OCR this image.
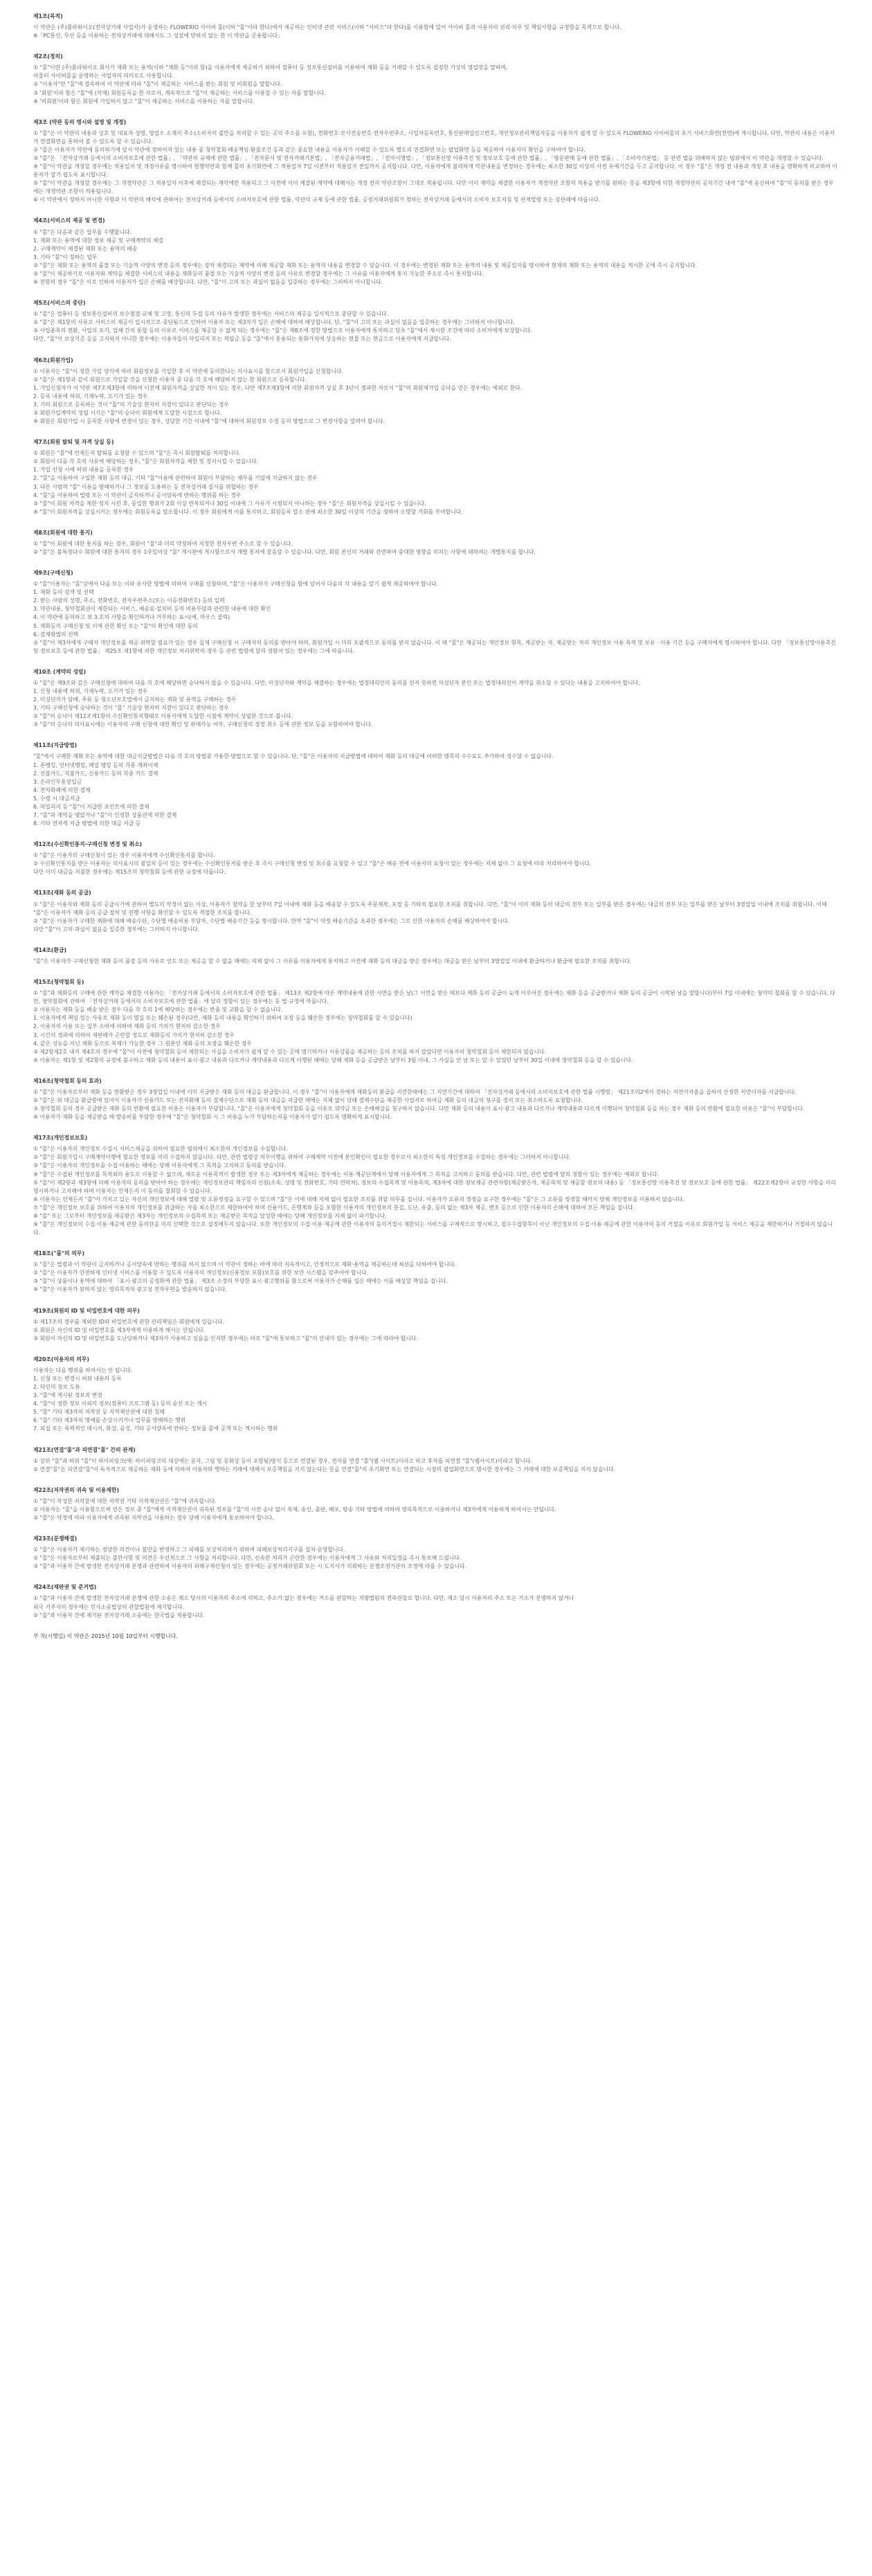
제1조(목적)

이 약관은 (주)플라워이오(전자상거래 사업자)가 운영하는 FLOWERIO 사이버 몰(이하 "몰"이라 한다)에서 제공하는 인터넷 관련 서비스(이하 "서비스"라 한다)를 이용함에 있어 사이버 몰과 이용자의 권리·의무 및 책임사항을 규정함을 목적으로 합니다.

※「PC통신, 무선 등을 이용하는 전자상거래에 대해서도 그 성질에 반하지 않는 한 이 약관을 준용합니다」

제2조(정의)

① "몰"이란 (주)플라워이오 회사가 재화 또는 용역(이하 "재화 등"이라 함)을 이용자에게 제공하기 위하여 컴퓨터 등 정보통신설비를 이용하여 재화 등을 거래할 수 있도록 설정한 가상의 영업장을 말하며,

아울러 사이버몰을 운영하는 사업자의 의미로도 사용합니다.

② "이용자"란 "몰"에 접속하여 이 약관에 따라 "몰"이 제공하는 서비스를 받는 회원 및 비회원을 말합니다.

③ '회원'이라 함은 "몰"에 (삭제) 회원등록을 한 자로서, 계속적으로 "몰"이 제공하는 서비스를 이용할 수 있는 자를 말합니다.

④ '비회원'이라 함은 회원에 가입하지 않고 "몰"이 제공하는 서비스를 이용하는 자를 말합니다.

제3조 (약관 등의 명시와 설명 및 개정)

① "몰"은 이 약관의 내용과 상호 및 대표자 성명, 영업소 소재지 주소(소비자의 불만을 처리할 수 있는 곳의 주소를 포함), 전화번호·모사전송번호·전자우편주소, 사업자등록번호, 통신판매업신고번호, 개인정보관리책임자등을 이용자가 쉽게 알 수 있도록 FLOWERIO 사이버몰의 초기 서비스화면(전면)에 게시합니다. 다만, 약관의 내용은 이용자가 연결화면을 통하여 볼 수 있도록 할 수 있습니다.

② "몰은 이용자가 약관에 동의하기에 앞서 약관에 정하여져 있는 내용 중 청약철회·배송책임·환불조건 등과 같은 중요한 내용을 이용자가 이해할 수 있도록 별도의 연결화면 또는 팝업화면 등을 제공하여 이용자의 확인을 구하여야 합니다.

③ "몰"은 「전자상거래 등에서의 소비자보호에 관한 법률」, 「약관의 규제에 관한 법률」, 「전자문서 및 전자거래기본법」, 「전자금융거래법」, 「전자서명법」, 「정보통신망 이용촉진 및 정보보호 등에 관한 법률」, 「방문판매 등에 관한 법률」, 「소비자기본법」 등 관련 법을 위배하지 않는 범위에서 이 약관을 개정할 수 있습니다.

④ "몰"이 약관을 개정할 경우에는 적용일자 및 개정사유를 명시하여 현행약관과 함께 몰의 초기화면에 그 적용일자 7일 이전부터 적용일자 전일까지 공지합니다. 다만, 이용자에게 불리하게 약관내용을 변경하는 경우에는 최소한 30일 이상의 사전 유예기간을 두고 공지합니다. 이 경우 "몰"은 개정 전 내용과 개정 후 내용을 명확하게 비교하여 이용자가 알기 쉽도록 표시합니다.

⑤ "몰"이 약관을 개정할 경우에는 그 개정약관은 그 적용일자 이후에 체결되는 계약에만 적용되고 그 이전에 이미 체결된 계약에 대해서는 개정 전의 약관조항이 그대로 적용됩니다. 다만 이미 계약을 체결한 이용자가 개정약관 조항의 적용을 받기를 원하는 뜻을 제3항에 의한 개정약관의 공지기간 내에 "몰"에 송신하여 "몰"의 동의를 받은 경우에는 개정약관 조항이 적용됩니다.

⑥ 이 약관에서 정하지 아니한 사항과 이 약관의 해석에 관하여는 전자상거래 등에서의 소비자보호에 관한 법률, 약관의 규제 등에 관한 법률, 공정거래위원회가 정하는 전자상거래 등에서의 소비자 보호지침 및 관계법령 또는 상관례에 따릅니다.

제4조(서비스의 제공 및 변경)

① "몰"은 다음과 같은 업무를 수행합니다.

1. 재화 또는 용역에 대한 정보 제공 및 구매계약의 체결

2. 구매계약이 체결된 재화 또는 용역의 배송

3. 기타 "몰"이 정하는 업무

② "몰"은 재화 또는 용역의 품절 또는 기술적 사양의 변경 등의 경우에는 장차 체결되는 계약에 의해 제공할 재화 또는 용역의 내용을 변경할 수 있습니다. 이 경우에는 변경된 재화 또는 용역의 내용 및 제공일자를 명시하여 현재의 재화 또는 용역의 내용을 게시한 곳에 즉시 공지합니다.

③ "몰"이 제공하기로 이용자와 계약을 체결한 서비스의 내용을 재화등의 품절 또는 기술적 사양의 변경 등의 사유로 변경할 경우에는 그 사유를 이용자에게 통지 가능한 주소로 즉시 통지합니다.

④ 전항의 경우 "몰"은 이로 인하여 이용자가 입은 손해를 배상합니다. 다만, "몰"이 고의 또는 과실이 없음을 입증하는 경우에는 그러하지 아니합니다.

제5조(서비스의 중단)

① "몰"은 컴퓨터 등 정보통신설비의 보수점검·교체 및 고장, 통신의 두절 등의 사유가 발생한 경우에는 서비스의 제공을 일시적으로 중단할 수 있습니다.

② "몰"은 제1항의 사유로 서비스의 제공이 일시적으로 중단됨으로 인하여 이용자 또는 제3자가 입은 손해에 대하여 배상합니다. 단, "몰"이 고의 또는 과실이 없음을 입증하는 경우에는 그러하지 아니합니다.

③ 사업종목의 전환, 사업의 포기, 업체 간의 통합 등의 이유로 서비스를 제공할 수 없게 되는 경우에는 "몰"은 제8조에 정한 방법으로 이용자에게 통지하고 당초 "몰"에서 제시한 조건에 따라 소비자에게 보상합니다.

다만, "몰"이 보상기준 등을 고지하지 아니한 경우에는 이용자들의 마일리지 또는 적립금 등을 "몰"에서 통용되는 통화가치에 상응하는 현물 또는 현금으로 이용자에게 지급합니다.

제6조(회원가입)

① 이용자는 "몰"이 정한 가입 양식에 따라 회원정보를 기입한 후 이 약관에 동의한다는 의사표시를 함으로서 회원가입을 신청합니다.

② "몰"은 제1항과 같이 회원으로 가입할 것을 신청한 이용자 중 다음 각 호에 해당하지 않는 한 회원으로 등록합니다.

1. 가입신청자가 이 약관 제7조제3항에 의하여 이전에 회원자격을 상실한 적이 있는 경우, 다만 제7조제3항에 의한 회원자격 상실 후 3년이 경과한 자로서 "몰"의 회원재가입 승낙을 얻은 경우에는 예외로 한다.

2. 등록 내용에 허위, 기재누락, 오기가 있는 경우

3. 기타 회원으로 등록하는 것이 "몰"의 기술상 현저히 지장이 있다고 판단되는 경우

③ 회원가입계약의 성립 시기는 "몰"의 승낙이 회원에게 도달한 시점으로 합니다.

④ 회원은 회원가입 시 등록한 사항에 변경이 있는 경우, 상당한 기간 이내에 "몰"에 대하여 회원정보 수정 등의 방법으로 그 변경사항을 알려야 합니다.

제7조(회원 탈퇴 및 자격 상실 등)

① 회원은 "몰"에 언제든지 탈퇴를 요청할 수 있으며 "몰"은 즉시 회원탈퇴를 처리합니다.

② 회원이 다음 각 호의 사유에 해당하는 경우, "몰"은 회원자격을 제한 및 정지시킬 수 있습니다.

1. 가입 신청 시에 허위 내용을 등록한 경우

2. "몰"을 이용하여 구입한 재화 등의 대금, 기타 "몰"이용에 관련하여 회원이 부담하는 채무를 기일에 지급하지 않는 경우

3. 다른 사람의 "몰" 이용을 방해하거나 그 정보를 도용하는 등 전자상거래 질서를 위협하는 경우

4. "몰"을 이용하여 법령 또는 이 약관이 금지하거나 공서양속에 반하는 행위를 하는 경우

③ "몰"이 회원 자격을 제한·정지 시킨 후, 동일한 행위가 2회 이상 반복되거나 30일 이내에 그 사유가 시정되지 아니하는 경우 "몰"은 회원자격을 상실시킬 수 있습니다.

④ "몰"이 회원자격을 상실시키는 경우에는 회원등록을 말소합니다. 이 경우 회원에게 이를 통지하고, 회원등록 말소 전에 최소한 30일 이상의 기간을 정하여 소명할 기회를 부여합니다.

제8조(회원에 대한 통지)

① "몰"이 회원에 대한 통지를 하는 경우, 회원이 "몰"과 미리 약정하여 지정한 전자우편 주소로 할 수 있습니다.

② "몰"은 불특정다수 회원에 대한 통지의 경우 1주일이상 "몰" 게시판에 게시함으로서 개별 통지에 갈음할 수 있습니다. 다만, 회원 본인의 거래와 관련하여 중대한 영향을 미치는 사항에 대하여는 개별통지를 합니다.

제9조(구매신청)

① "몰"이용자는 "몰"상에서 다음 또는 이와 유사한 방법에 의하여 구매를 신청하며, "몰"은 이용자가 구매신청을 함에 있어서 다음의 각 내용을 알기 쉽게 제공하여야 합니다.

1. 재화 등의 검색 및 선택

2. 받는 사람의 성명, 주소, 전화번호, 전자우편주소(또는 이동전화번호) 등의 입력

3. 약관내용, 청약철회권이 제한되는 서비스, 배송료·설치비 등의 비용부담과 관련한 내용에 대한 확인

4. 이 약관에 동의하고 위 3.호의 사항을 확인하거나 거부하는 표시(예, 마우스 클릭)

5. 재화등의 구매신청 및 이에 관한 확인 또는 "몰"의 확인에 대한 동의

6. 결제방법의 선택

② "몰"이 제3자에게 구매자 개인정보를 제공·위탁할 필요가 있는 경우 실제 구매신청 시 구매자의 동의를 받아야 하며, 회원가입 시 미리 포괄적으로 동의를 받지 않습니다. 이 때 "몰"은 제공되는 개인정보 항목, 제공받는 자, 제공받는 자의 개인정보 이용 목적 및 보유 · 이용 기간 등을 구매자에게 명시하여야 합니다. 다만 「정보통신망이용촉진 및 정보보호 등에 관한 법률」 제25조 제1항에 의한 개인정보 처리위탁의 경우 등 관련 법령에 달리 정함이 있는 경우에는 그에 따릅니다.

제10조 (계약의 성립)

① "몰"은 제9조와 같은 구매신청에 대하여 다음 각 호에 해당하면 승낙하지 않을 수 있습니다. 다만, 미성년자와 계약을 체결하는 경우에는 법정대리인의 동의를 얻지 못하면 미성년자 본인 또는 법정대리인이 계약을 취소할 수 있다는 내용을 고지하여야 합니다.

1. 신청 내용에 허위, 기재누락, 오기가 있는 경우

2. 미성년자가 담배, 주류 등 청소년보호법에서 금지하는 재화 및 용역을 구매하는 경우

3. 기타 구매신청에 승낙하는 것이 "몰" 기술상 현저히 지장이 있다고 판단하는 경우

② "몰"의 승낙이 제12조제1항의 수신확인통지형태로 이용자에게 도달한 시점에 계약이 성립한 것으로 봅니다.

③ "몰"의 승낙의 의사표시에는 이용자의 구매 신청에 대한 확인 및 판매가능 여부, 구매신청의 정정 취소 등에 관한 정보 등을 포함하여야 합니다.

제11조(지급방법)

"몰"에서 구매한 재화 또는 용역에 대한 대금지급방법은 다음 각 호의 방법중 가용한 방법으로 할 수 있습니다. 단, "몰"은 이용자의 지급방법에 대하여 재화 등의 대금에 어떠한 명목의 수수료도 추가하여 징수할 수 없습니다.

1. 폰뱅킹, 인터넷뱅킹, 메일 뱅킹 등의 각종 계좌이체

2. 선불카드, 직불카드, 신용카드 등의 각종 카드 결제

3. 온라인무통장입금

4. 전자화폐에 의한 결제

5. 수령 시 대금지급

6. 마일리지 등 "몰"이 지급한 포인트에 의한 결제

7. "몰"과 계약을 맺었거나 "몰"이 인정한 상품권에 의한 결제

8. 기타 전자적 지급 방법에 의한 대금 지급 등

제12조(수신확인통지·구매신청 변경 및 취소)

① "몰"은 이용자의 구매신청이 있는 경우 이용자에게 수신확인통지를 합니다.

② 수신확인통지를 받은 이용자는 의사표시의 불일치 등이 있는 경우에는 수신확인통지를 받은 후 즉시 구매신청 변경 및 취소를 요청할 수 있고 "몰"은 배송 전에 이용자의 요청이 있는 경우에는 지체 없이 그 요청에 따라 처리하여야 합니다.

다만 이미 대금을 지불한 경우에는 제15조의 청약철회 등에 관한 규정에 따릅니다.

제13조(재화 등의 공급)

① "몰"은 이용자와 재화 등의 공급시기에 관하여 별도의 약정이 없는 이상, 이용자가 청약을 한 날부터 7일 이내에 재화 등을 배송할 수 있도록 주문제작, 포장 등 기타의 필요한 조치를 취합니다. 다만, "몰"이 이미 재화 등의 대금의 전부 또는 일부를 받은 경우에는 대금의 전부 또는 일부를 받은 날부터 3영업일 이내에 조치를 취합니다. 이때 "몰"은 이용자가 재화 등의 공급 절차 및 진행 사항을 확인할 수 있도록 적절한 조치를 합니다.

② "몰"은 이용자가 구매한 재화에 대해 배송수단, 수단별 배송비용 부담자, 수단별 배송기간 등을 명시합니다. 만약 "몰"이 약정 배송기간을 초과한 경우에는 그로 인한 이용자의 손해를 배상하여야 합니다.

다만 "몰"이 고의·과실이 없음을 입증한 경우에는 그러하지 아니합니다.

제14조(환급)

"몰"은 이용자가 구매신청한 재화 등이 품절 등의 사유로 인도 또는 제공을 할 수 없을 때에는 지체 없이 그 사유를 이용자에게 통지하고 사전에 재화 등의 대금을 받은 경우에는 대금을 받은 날부터 3영업일 이내에 환급하거나 환급에 필요한 조치를 취합니다.

제15조(청약철회 등)

① "몰"과 재화등의 구매에 관한 계약을 체결한 이용자는 「전자상거래 등에서의 소비자보호에 관한 법률」 제13조 제2항에 따른 계약내용에 관한 서면을 받은 날(그 서면을 받은 때보다 재화 등의 공급이 늦게 이루어진 경우에는 재화 등을 공급받거나 재화 등의 공급이 시작된 날을 말합니다)부터 7일 이내에는 청약의 철회를 할 수 있습니다. 다만, 청약철회에 관하여 「전자상거래 등에서의 소비자보호에 관한 법률」에 달리 정함이 있는 경우에는 동 법 규정에 따릅니다.

② 이용자는 재화 등을 배송 받은 경우 다음 각 호의 1에 해당하는 경우에는 반품 및 교환을 할 수 없습니다.

1. 이용자에게 책임 있는 사유로 재화 등이 멸실 또는 훼손된 경우(다만, 재화 등의 내용을 확인하기 위하여 포장 등을 훼손한 경우에는 청약철회를 할 수 있습니다)

2. 이용자의 사용 또는 일부 소비에 의하여 재화 등의 가치가 현저히 감소한 경우

3. 시간의 경과에 의하여 재판매가 곤란할 정도로 재화등의 가치가 현저히 감소한 경우

4. 같은 성능을 지닌 재화 등으로 복제가 가능한 경우 그 원본인 재화 등의 포장을 훼손한 경우

③ 제2항제2호 내지 제4호의 경우에 "몰"이 사전에 청약철회 등이 제한되는 사실을 소비자가 쉽게 알 수 있는 곳에 명기하거나 시용상품을 제공하는 등의 조치를 하지 않았다면 이용자의 청약철회 등이 제한되지 않습니다.

④ 이용자는 제1항 및 제2항의 규정에 불구하고 재화 등의 내용이 표시·광고 내용과 다르거나 계약내용과 다르게 이행된 때에는 당해 재화 등을 공급받은 날부터 3월 이내, 그 사실을 안 날 또는 알 수 있었던 날부터 30일 이내에 청약철회 등을 할 수 있습니다.

제16조(청약철회 등의 효과)

① "몰"은 이용자로부터 재화 등을 반환받은 경우 3영업일 이내에 이미 지급받은 재화 등의 대금을 환급합니다. 이 경우 "몰"이 이용자에게 재화등의 환급을 지연한때에는 그 지연기간에 대하여 「전자상거래 등에서의 소비자보호에 관한 법률 시행령」 제21조의2에서 정하는 지연이자율을 곱하여 산정한 지연이자를 지급합니다.

② "몰"은 위 대금을 환급함에 있어서 이용자가 신용카드 또는 전자화폐 등의 결제수단으로 재화 등의 대금을 지급한 때에는 지체 없이 당해 결제수단을 제공한 사업자로 하여금 재화 등의 대금의 청구를 정지 또는 취소하도록 요청합니다.

③ 청약철회 등의 경우 공급받은 재화 등의 반환에 필요한 비용은 이용자가 부담합니다. "몰"은 이용자에게 청약철회 등을 이유로 위약금 또는 손해배상을 청구하지 않습니다. 다만 재화 등의 내용이 표시·광고 내용과 다르거나 계약내용과 다르게 이행되어 청약철회 등을 하는 경우 재화 등의 반환에 필요한 비용은 "몰"이 부담합니다.

④ 이용자가 재화 등을 제공받을 때 발송비를 부담한 경우에 "몰"은 청약철회 시 그 비용을 누가 부담하는지를 이용자가 알기 쉽도록 명확하게 표시합니다.

제17조(개인정보보호)

① "몰"은 이용자의 개인정보 수집시 서비스제공을 위하여 필요한 범위에서 최소한의 개인정보를 수집합니다.

② "몰"은 회원가입시 구매계약이행에 필요한 정보를 미리 수집하지 않습니다. 다만, 관련 법령상 의무이행을 위하여 구매계약 이전에 본인확인이 필요한 경우로서 최소한의 특정 개인정보를 수집하는 경우에는 그러하지 아니합니다.

③ "몰"은 이용자의 개인정보를 수집·이용하는 때에는 당해 이용자에게 그 목적을 고지하고 동의를 받습니다.

④ "몰"은 수집된 개인정보를 목적외의 용도로 이용할 수 없으며, 새로운 이용목적이 발생한 경우 또는 제3자에게 제공하는 경우에는 이용·제공단계에서 당해 이용자에게 그 목적을 고지하고 동의를 받습니다. 다만, 관련 법령에 달리 정함이 있는 경우에는 예외로 합니다.

⑤ "몰"이 제2항과 제3항에 의해 이용자의 동의를 받아야 하는 경우에는 개인정보관리 책임자의 신원(소속, 성명 및 전화번호, 기타 연락처), 정보의 수집목적 및 이용목적, 제3자에 대한 정보제공 관련사항(제공받은자, 제공목적 및 제공할 정보의 내용) 등 「정보통신망 이용촉진 및 정보보호 등에 관한 법률」 제22조제2항이 규정한 사항을 미리 명시하거나 고지해야 하며 이용자는 언제든지 이 동의를 철회할 수 있습니다.

⑥ 이용자는 언제든지 "몰"이 가지고 있는 자신의 개인정보에 대해 열람 및 오류정정을 요구할 수 있으며 "몰"은 이에 대해 지체 없이 필요한 조치를 취할 의무를 집니다. 이용자가 오류의 정정을 요구한 경우에는 "몰"은 그 오류를 정정할 때까지 당해 개인정보를 이용하지 않습니다.

⑦ "몰"은 개인정보 보호를 위하여 이용자의 개인정보를 취급하는 자를 최소한으로 제한하여야 하며 신용카드, 은행계좌 등을 포함한 이용자의 개인정보의 분실, 도난, 유출, 동의 없는 제3자 제공, 변조 등으로 인한 이용자의 손해에 대하여 모든 책임을 집니다.

⑧ "몰" 또는 그로부터 개인정보를 제공받은 제3자는 개인정보의 수집목적 또는 제공받은 목적을 달성한 때에는 당해 개인정보를 지체 없이 파기합니다.

⑨ "몰"은 개인정보의 수집·이용·제공에 관한 동의란을 미리 선택한 것으로 설정해두지 않습니다. 또한 개인정보의 수집·이용·제공에 관한 이용자의 동의거절시 제한되는 서비스를 구체적으로 명시하고, 필수수집항목이 아닌 개인정보의 수집·이용·제공에 관한 이용자의 동의 거절을 이유로 회원가입 등 서비스 제공을 제한하거나 거절하지 않습니다.

제18조("몰"의 의무)

① "몰"은 법령과 이 약관이 금지하거나 공서양속에 반하는 행위를 하지 않으며 이 약관이 정하는 바에 따라 지속적이고, 안정적으로 재화·용역을 제공하는데 최선을 다하여야 합니다.

② "몰"은 이용자가 안전하게 인터넷 서비스를 이용할 수 있도록 이용자의 개인정보(신용정보 포함)보호를 위한 보안 시스템을 갖추어야 합니다.

③ "몰"이 상품이나 용역에 대하여 「표시·광고의 공정화에 관한 법률」 제3조 소정의 부당한 표시·광고행위를 함으로써 이용자가 손해를 입은 때에는 이를 배상할 책임을 집니다.

④ "몰"은 이용자가 원하지 않는 영리목적의 광고성 전자우편을 발송하지 않습니다.

제19조(회원의 ID 및 비밀번호에 대한 의무)

① 제17조의 경우를 제외한 ID와 비밀번호에 관한 관리책임은 회원에게 있습니다.

② 회원은 자신의 ID 및 비밀번호를 제3자에게 이용하게 해서는 안됩니다.

③ 회원이 자신의 ID 및 비밀번호를 도난당하거나 제3자가 사용하고 있음을 인지한 경우에는 바로 "몰"에 통보하고 "몰"의 안내가 있는 경우에는 그에 따라야 합니다.

제20조(이용자의 의무)

이용자는 다음 행위를 하여서는 안 됩니다.

1. 신청 또는 변경시 허위 내용의 등록

2. 타인의 정보 도용

3. "몰"에 게시된 정보의 변경

4. "몰"이 정한 정보 이외의 정보(컴퓨터 프로그램 등) 등의 송신 또는 게시

5. "몰" 기타 제3자의 저작권 등 지적재산권에 대한 침해

6. "몰" 기타 제3자의 명예를 손상시키거나 업무를 방해하는 행위

7. 외설 또는 폭력적인 메시지, 화상, 음성, 기타 공서양속에 반하는 정보를 몰에 공개 또는 게시하는 행위

제21조(연결"몰"과 피연결"몰" 간의 관계)

① 상위 "몰"과 하위 "몰"이 하이퍼링크(예: 하이퍼링크의 대상에는 문자, 그림 및 동화상 등이 포함됨)방식 등으로 연결된 경우, 전자를 연결 "몰"(웹 사이트)이라고 하고 후자를 피연결 "몰"(웹사이트)이라고 합니다.

② 연결"몰"은 피연결"몰"이 독자적으로 제공하는 재화 등에 의하여 이용자와 행하는 거래에 대해서 보증책임을 지지 않는다는 뜻을 연결"몰"의 초기화면 또는 연결되는 시점의 팝업화면으로 명시한 경우에는 그 거래에 대한 보증책임을 지지 않습니다.

제22조(저작권의 귀속 및 이용제한)

① "몰"이 작성한 저작물에 대한 저작권 기타 지적재산권은 "몰"에 귀속합니다.

② 이용자는 "몰"을 이용함으로써 얻은 정보 중 "몰"에게 지적재산권이 귀속된 정보를 "몰"의 사전 승낙 없이 복제, 송신, 출판, 배포, 방송 기타 방법에 의하여 영리목적으로 이용하거나 제3자에게 이용하게 하여서는 안됩니다.

③ "몰"은 약정에 따라 이용자에게 귀속된 저작권을 사용하는 경우 당해 이용자에게 통보하여야 합니다.

제23조(분쟁해결)

① "몰"은 이용자가 제기하는 정당한 의견이나 불만을 반영하고 그 피해를 보상처리하기 위하여 피해보상처리기구를 설치·운영합니다.

② "몰"은 이용자로부터 제출되는 불만사항 및 의견은 우선적으로 그 사항을 처리합니다. 다만, 신속한 처리가 곤란한 경우에는 이용자에게 그 사유와 처리일정을 즉시 통보해 드립니다.

③ "몰"과 이용자 간에 발생한 전자상거래 분쟁과 관련하여 이용자의 피해구제신청이 있는 경우에는 공정거래위원회 또는 시·도지사가 의뢰하는 분쟁조정기관의 조정에 따를 수 있습니다.

제24조(재판권 및 준거법)

① "몰"과 이용자 간에 발생한 전자상거래 분쟁에 관한 소송은 제소 당시의 이용자의 주소에 의하고, 주소가 없는 경우에는 거소를 관할하는 지방법원의 전속관할로 합니다. 다만, 제소 당시 이용자의 주소 또는 거소가 분명하지 않거나

외국 거주자의 경우에는 민사소송법상의 관할법원에 제기합니다.

② "몰"과 이용자 간에 제기된 전자상거래 소송에는 한국법을 적용합니다.

부 칙(시행일) 이 약관은 2015년 10월 10일부터 시행합니다.
